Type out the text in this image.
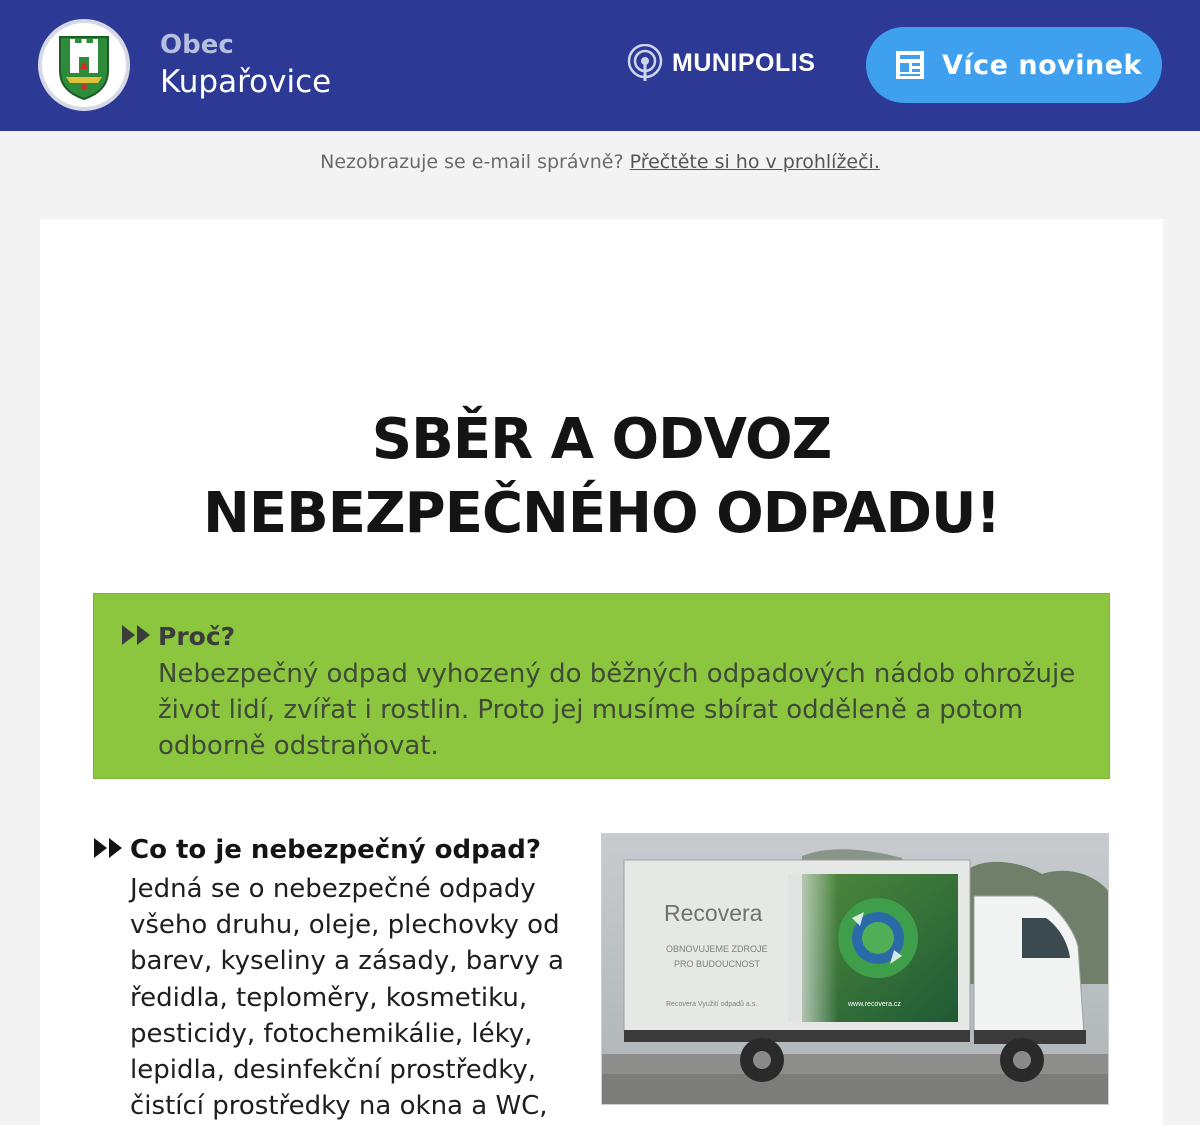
Obec
Kupařovice
MUNIPOLIS	Více novinek
Nezobrazuje se e-mail správně? Přečtěte si ho v prohlížeči.
SBĚR A ODVOZ
NEBEZPEČNÉHO ODPADU!
Proč?
Nebezpečný odpad vyhozený do běžných odpadových nádob ohrožuje život lidí, zvířat i rostlin. Proto jej musíme sbírat odděleně a potom odborně odstraňovat.
Co to je nebezpečný odpad?
Jedná se o nebezpečné odpady všeho druhu, oleje, plechovky od barev, kyseliny a zásady, barvy a ředidla, teploměry, kosmetiku, pesticidy, fotochemikálie, léky, lepidla, desinfekční prostředky, čistící prostředky na okna a WC,
Recovera
OBNOVUJEME ZDROJE
PRO BUDOUCNOST
Recovera Využití odpadů a.s.	www.recovera.cz
